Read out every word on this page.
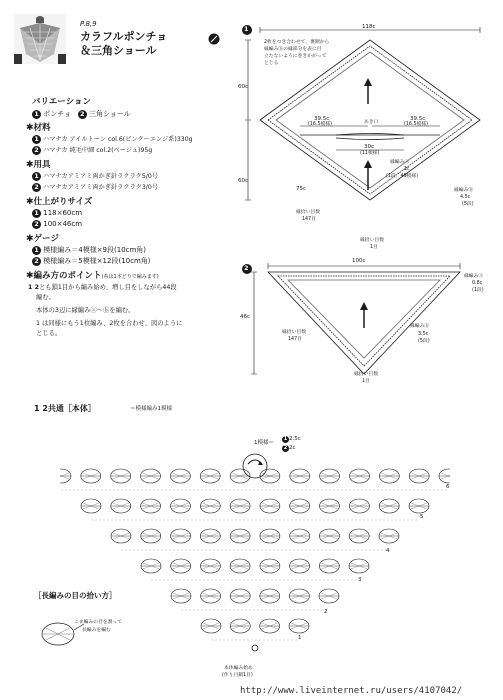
P.8,9
カラフルポンチョ
＆三角ショール
バリエーション
1 ポンチョ 2 三角ショール
✱材料
1 ハマナカ アイルトーン col.6(ピンク～エンジ系)330g
2 ハマナカ 純毛中細 col.2(ベージュ)95g
✱用具
1 ハマナカアミアミ両かぎ針ラクラク5/0号
2 ハマナカアミアミ両かぎ針ラクラク3/0号
✱仕上がりサイズ
1 118×60cm
2 100×46cm
✱ゲージ
1 模様編み＝4模様×9段(10cm角)
2 模様編み＝5模様×12段(10cm角)
✱編み方のポイント(糸は1本どりで編みます)
1 2とも鎖1目から編み始め、増し目をしながら44段
編む。
本体の3辺に縁編みⓐ～ⓑを編む。
1 は同様にもう1枚編み、2枚を合わせ、図のように
とじる。
1	118c
2枚をつき合わせて、裏側から
縁編みⓑの縁部分を表に目
立たないように巻きかがって
とじる
60c
60c
39.5c
(16.5模様)
39.5c
(16.5模様)
あき口
30c
(11模様)
75c
縁編みⓐ
1c
(1段、49模様)
縁編みⓑ
4.5c
(5段)
縁拾い目数
147目
縁拾い目数
1目
2
100c
縁編みⓐ
0.8c
(1段)
46c
縁拾い目数
147目
縁編みⓑ
3.5c
(5段)
縁拾い目数
1目
1 2共通［本体］	＝模様編み1模様
1模様＝
1 2.5c
2 2c
6
5
4
3
2
1
本体編み始め
(作り目鎖1目)
［長編みの目の拾い方］
こま編みの目を割って
長編みを編む
http://www.liveinternet.ru/users/4107042/
